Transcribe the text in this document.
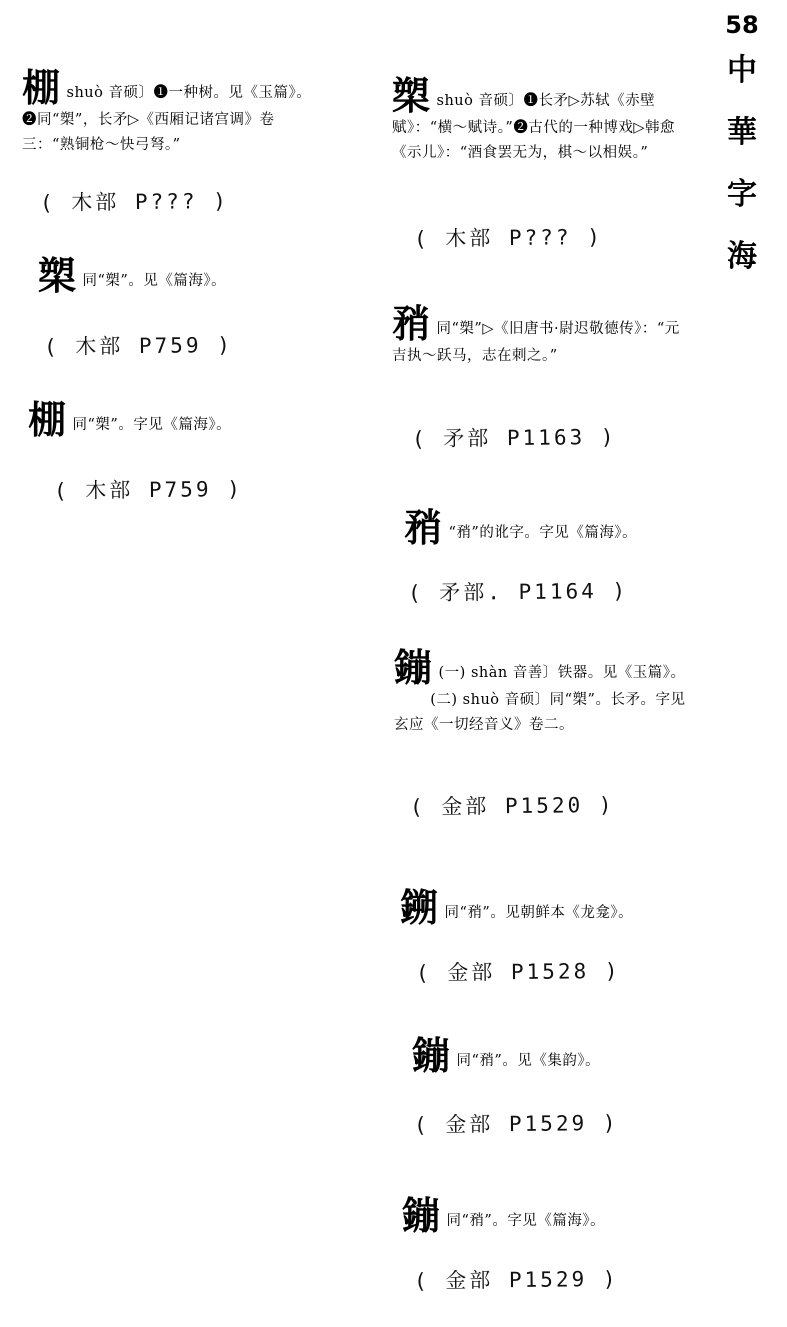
58
中
華
字
海
棚shuò 音硕〕❶一种树。见《玉篇》。❷同“槊”，长矛▷《西厢记诸宫调》卷三：“熟铜枪～快弓弩。”
( 木部 P??? )
槊同“槊”。见《篇海》。
( 木部 P759 )
棚同“槊”。字见《篇海》。
( 木部 P759 )
槊shuò 音硕〕❶长矛▷苏轼《赤壁赋》：“横～赋诗。”❷古代的一种博戏▷韩愈《示儿》：“酒食罢无为，棋～以相娱。”
( 木部 P??? )
矟同“槊”▷《旧唐书·尉迟敬德传》：“元吉执～跃马，志在刺之。”
( 矛部 P1163 )
矟 “矟”的讹字。字见《篇海》。
( 矛部. P1164 )
鏰 (一) shàn 音善〕铁器。见《玉篇》。

(二) shuò 音硕〕同“槊”。长矛。字见玄应《一切经音义》卷二。

( 金部 P1520 )
鎙同“矟”。见朝鲜本《龙龛》。
( 金部 P1528 )
鏰同“矟”。见《集韵》。
( 金部 P1529 )
鏰同“矟”。字见《篇海》。
( 金部 P1529 )
